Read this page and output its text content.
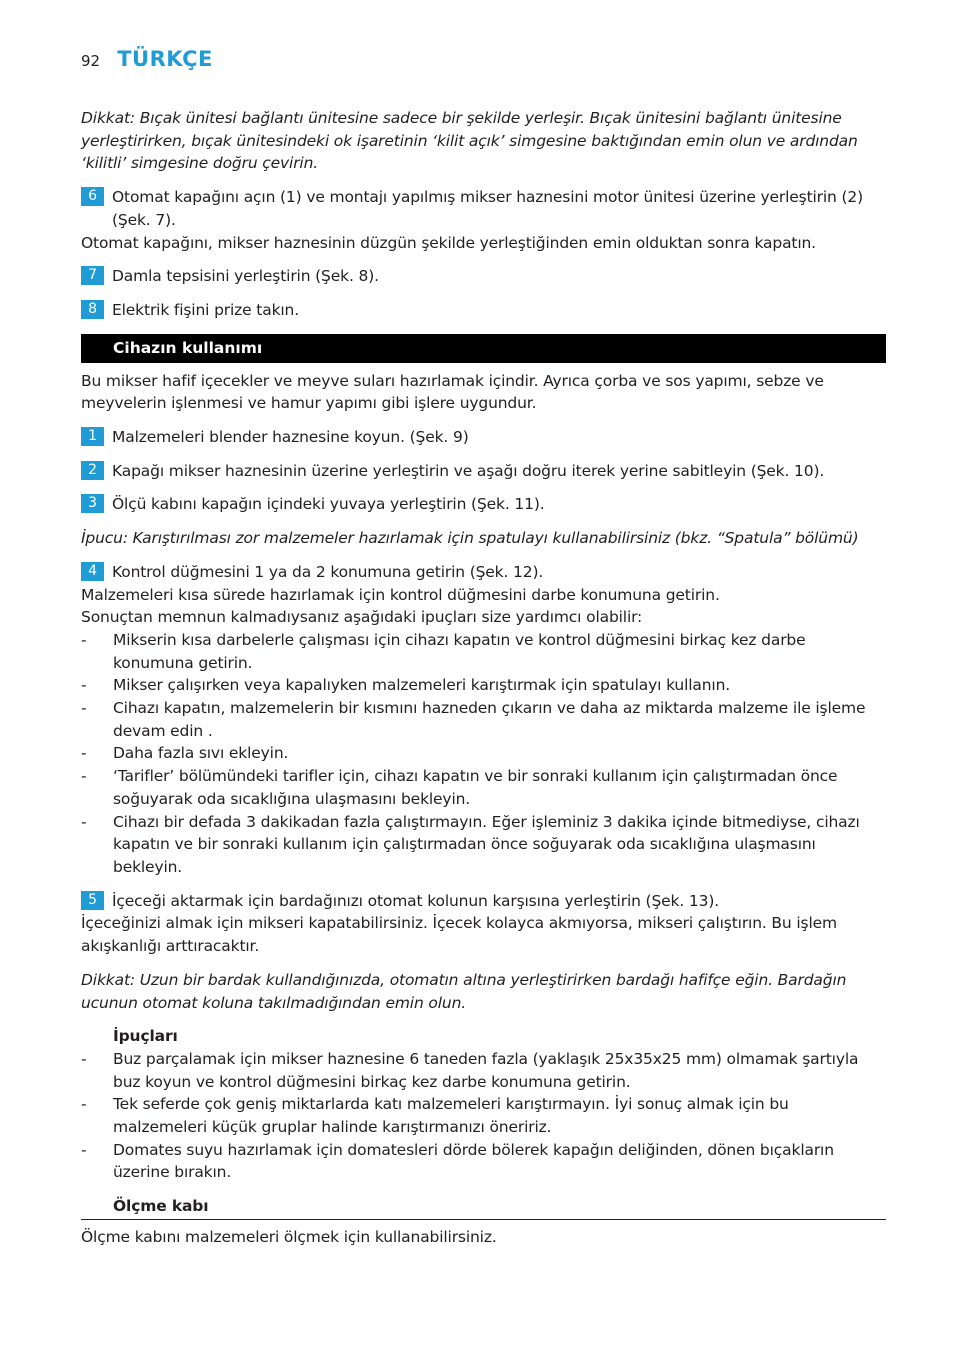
92 TÜRKÇE

Dikkat: Bıçak ünitesi bağlantı ünitesine sadece bir şekilde yerleşir. Bıçak ünitesini bağlantı ünitesine yerleştirirken, bıçak ünitesindeki ok işaretinin ‘kilit açık’ simgesine baktığından emin olun ve ardından ‘kilitli’ simgesine doğru çevirin.

6 Otomat kapağını açın (1) ve montajı yapılmış mikser haznesini motor ünitesi üzerine yerleştirin (2) (Şek. 7).

Otomat kapağını, mikser haznesinin düzgün şekilde yerleştiğinden emin olduktan sonra kapatın.

7 Damla tepsisini yerleştirin (Şek. 8).
8 Elektrik fişini prize takın.
Cihazın kullanımı

Bu mikser hafif içecekler ve meyve suları hazırlamak içindir. Ayrıca çorba ve sos yapımı, sebze ve meyvelerin işlenmesi ve hamur yapımı gibi işlere uygundur.

1 Malzemeleri blender haznesine koyun. (Şek. 9)
2 Kapağı mikser haznesinin üzerine yerleştirin ve aşağı doğru iterek yerine sabitleyin (Şek. 10).
3 Ölçü kabını kapağın içindeki yuvaya yerleştirin (Şek. 11).

İpucu: Karıştırılması zor malzemeler hazırlamak için spatulayı kullanabilirsiniz (bkz. “Spatula” bölümü)

4 Kontrol düğmesini 1 ya da 2 konumuna getirin (Şek. 12).

Malzemeleri kısa sürede hazırlamak için kontrol düğmesini darbe konumuna getirin.

Sonuçtan memnun kalmadıysanız aşağıdaki ipuçları size yardımcı olabilir:

-	Mikserin kısa darbelerle çalışması için cihazı kapatın ve kontrol düğmesini birkaç kez darbe konumuna getirin.
-	Mikser çalışırken veya kapalıyken malzemeleri karıştırmak için spatulayı kullanın.
-	Cihazı kapatın, malzemelerin bir kısmını hazneden çıkarın ve daha az miktarda malzeme ile işleme devam edin .
-	Daha fazla sıvı ekleyin.
-	‘Tarifler’ bölümündeki tarifler için, cihazı kapatın ve bir sonraki kullanım için çalıştırmadan önce soğuyarak oda sıcaklığına ulaşmasını bekleyin.
-	Cihazı bir defada 3 dakikadan fazla çalıştırmayın. Eğer işleminiz 3 dakika içinde bitmediyse, cihazı kapatın ve bir sonraki kullanım için çalıştırmadan önce soğuyarak oda sıcaklığına ulaşmasını bekleyin.
5 İçeceği aktarmak için bardağınızı otomat kolunun karşısına yerleştirin (Şek. 13).

İçeceğinizi almak için mikseri kapatabilirsiniz. İçecek kolayca akmıyorsa, mikseri çalıştırın. Bu işlem akışkanlığı arttıracaktır.

Dikkat: Uzun bir bardak kullandığınızda, otomatın altına yerleştirirken bardağı hafifçe eğin. Bardağın ucunun otomat koluna takılmadığından emin olun.

İpuçları

-	Buz parçalamak için mikser haznesine 6 taneden fazla (yaklaşık 25x35x25 mm) olmamak şartıyla buz koyun ve kontrol düğmesini birkaç kez darbe konumuna getirin.
-	Tek seferde çok geniş miktarlarda katı malzemeleri karıştırmayın. İyi sonuç almak için bu malzemeleri küçük gruplar halinde karıştırmanızı öneririz.
-	Domates suyu hazırlamak için domatesleri dörde bölerek kapağın deliğinden, dönen bıçakların üzerine bırakın.

Ölçme kabı

Ölçme kabını malzemeleri ölçmek için kullanabilirsiniz.
